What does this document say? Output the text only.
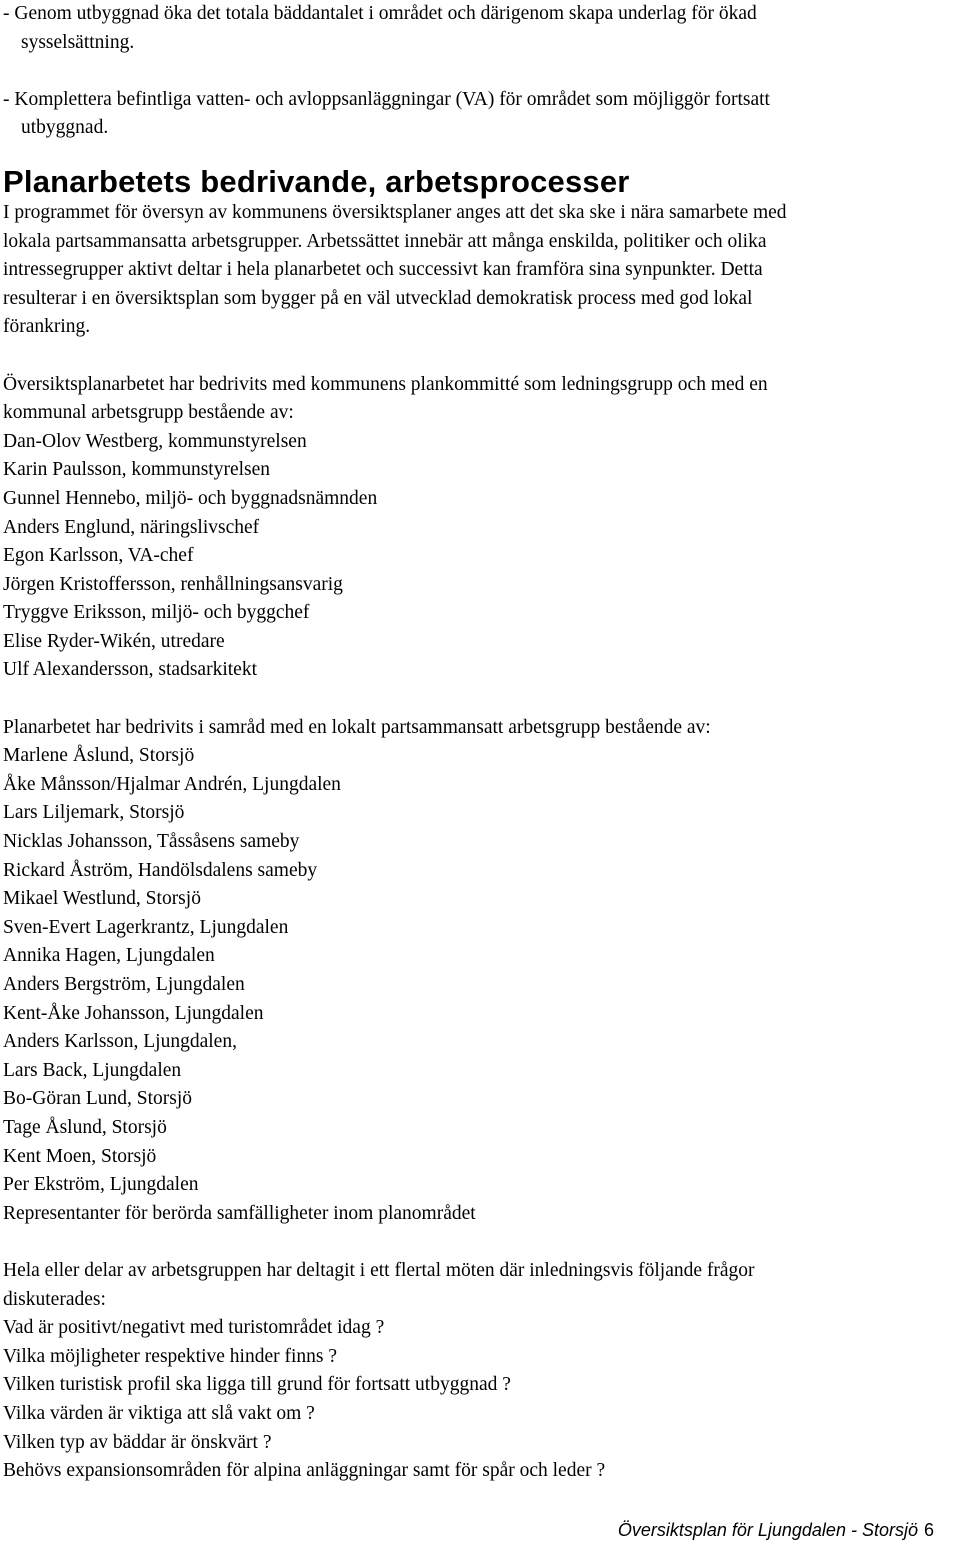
- Genom utbyggnad öka det totala bäddantalet i området och därigenom skapa underlag för ökad
sysselsättning.
- Komplettera befintliga vatten- och avloppsanläggningar (VA) för området som möjliggör fortsatt
utbyggnad.
Planarbetets bedrivande, arbetsprocesser
I programmet för översyn av kommunens översiktsplaner anges att det ska ske i nära samarbete med
lokala partsammansatta arbetsgrupper. Arbetssättet innebär att många enskilda, politiker och olika
intressegrupper aktivt deltar i hela planarbetet och successivt kan framföra sina synpunkter. Detta
resulterar i en översiktsplan som bygger på en väl utvecklad demokratisk process med god lokal
förankring.
Översiktsplanarbetet har bedrivits med kommunens plankommitté som ledningsgrupp och med en
kommunal arbetsgrupp bestående av:
Dan-Olov Westberg, kommunstyrelsen
Karin Paulsson, kommunstyrelsen
Gunnel Hennebo, miljö- och byggnadsnämnden
Anders Englund, näringslivschef
Egon Karlsson, VA-chef
Jörgen Kristoffersson, renhållningsansvarig
Tryggve Eriksson, miljö- och byggchef
Elise Ryder-Wikén, utredare
Ulf Alexandersson, stadsarkitekt
Planarbetet har bedrivits i samråd med en lokalt partsammansatt arbetsgrupp bestående av:
Marlene Åslund, Storsjö
Åke Månsson/Hjalmar Andrén, Ljungdalen
Lars Liljemark, Storsjö
Nicklas Johansson, Tåssåsens sameby
Rickard Åström, Handölsdalens sameby
Mikael Westlund, Storsjö
Sven-Evert Lagerkrantz, Ljungdalen
Annika Hagen, Ljungdalen
Anders Bergström, Ljungdalen
Kent-Åke Johansson, Ljungdalen
Anders Karlsson, Ljungdalen,
Lars Back, Ljungdalen
Bo-Göran Lund, Storsjö
Tage Åslund, Storsjö
Kent Moen, Storsjö
Per Ekström, Ljungdalen
Representanter för berörda samfälligheter inom planområdet
Hela eller delar av arbetsgruppen har deltagit i ett flertal möten där inledningsvis följande frågor
diskuterades:
Vad är positivt/negativt med turistområdet idag ?
Vilka möjligheter respektive hinder finns ?
Vilken turistisk profil ska ligga till grund för fortsatt utbyggnad ?
Vilka värden är viktiga att slå vakt om ?
Vilken typ av bäddar är önskvärt ?
Behövs expansionsområden för alpina anläggningar samt för spår och leder ?
Översiktsplan för Ljungdalen - Storsjö 6
